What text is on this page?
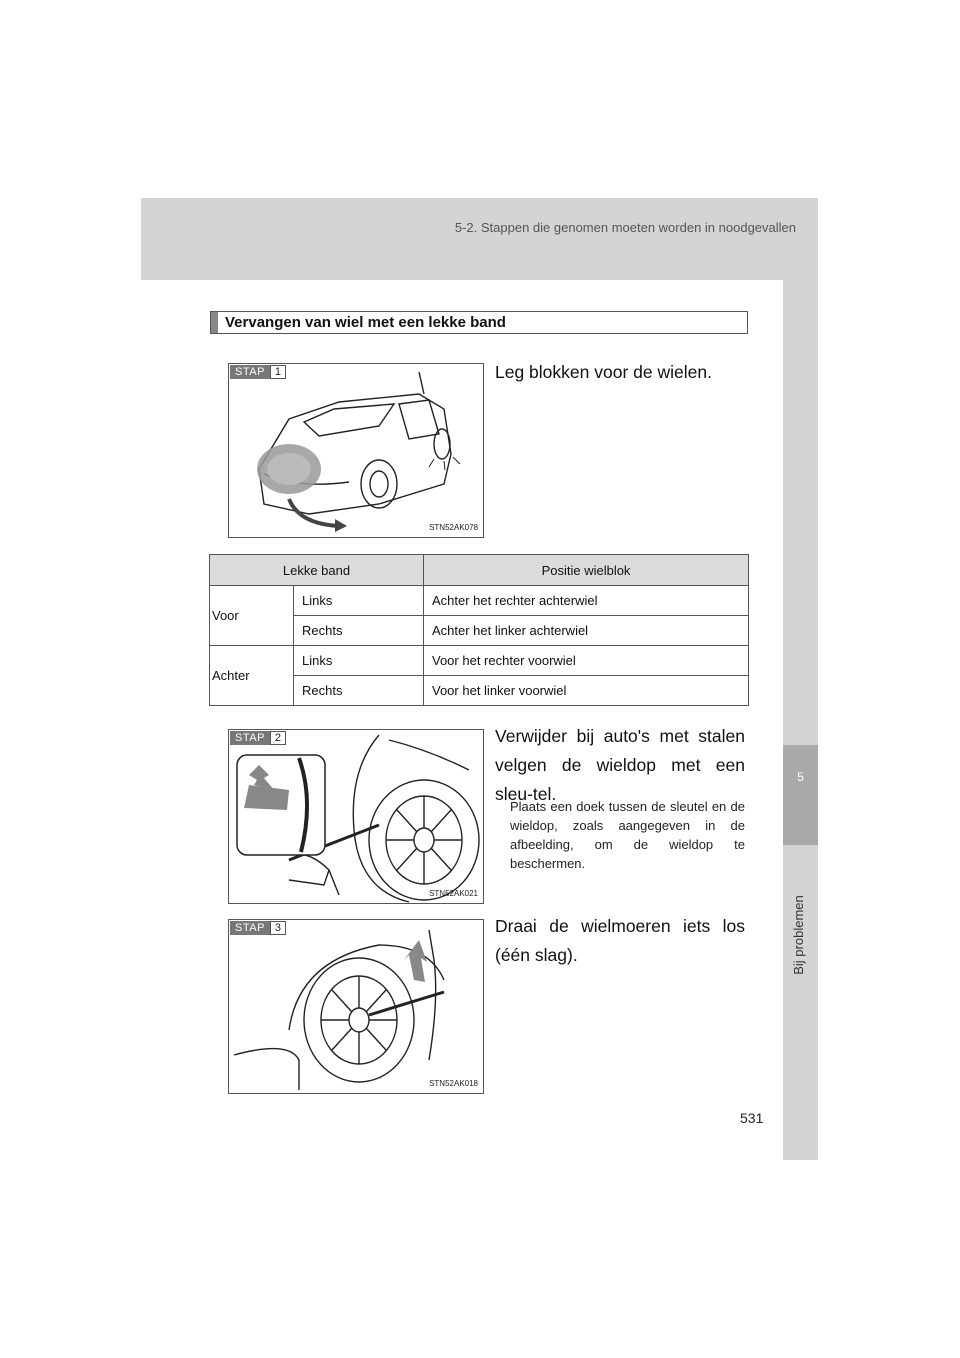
5-2. Stappen die genomen moeten worden in noodgevallen
5
Bij problemen
Vervangen van wiel met een lekke band
STAP 1
STN52AK078
Leg blokken voor de wielen.
Lekke band		Positie wielblok
Voor	Links	Achter het rechter achterwiel
	Rechts	Achter het linker achterwiel
Achter	Links	Voor het rechter voorwiel
	Rechts	Voor het linker voorwiel
STAP 2
STN52AK021
Verwijder bij auto's met stalen velgen de wieldop met een sleu-tel.
Plaats een doek tussen de sleutel en de wieldop, zoals aangegeven in de afbeelding, om de wieldop te beschermen.
STAP 3
STN52AK018
Draai de wielmoeren iets los (één slag).
531
